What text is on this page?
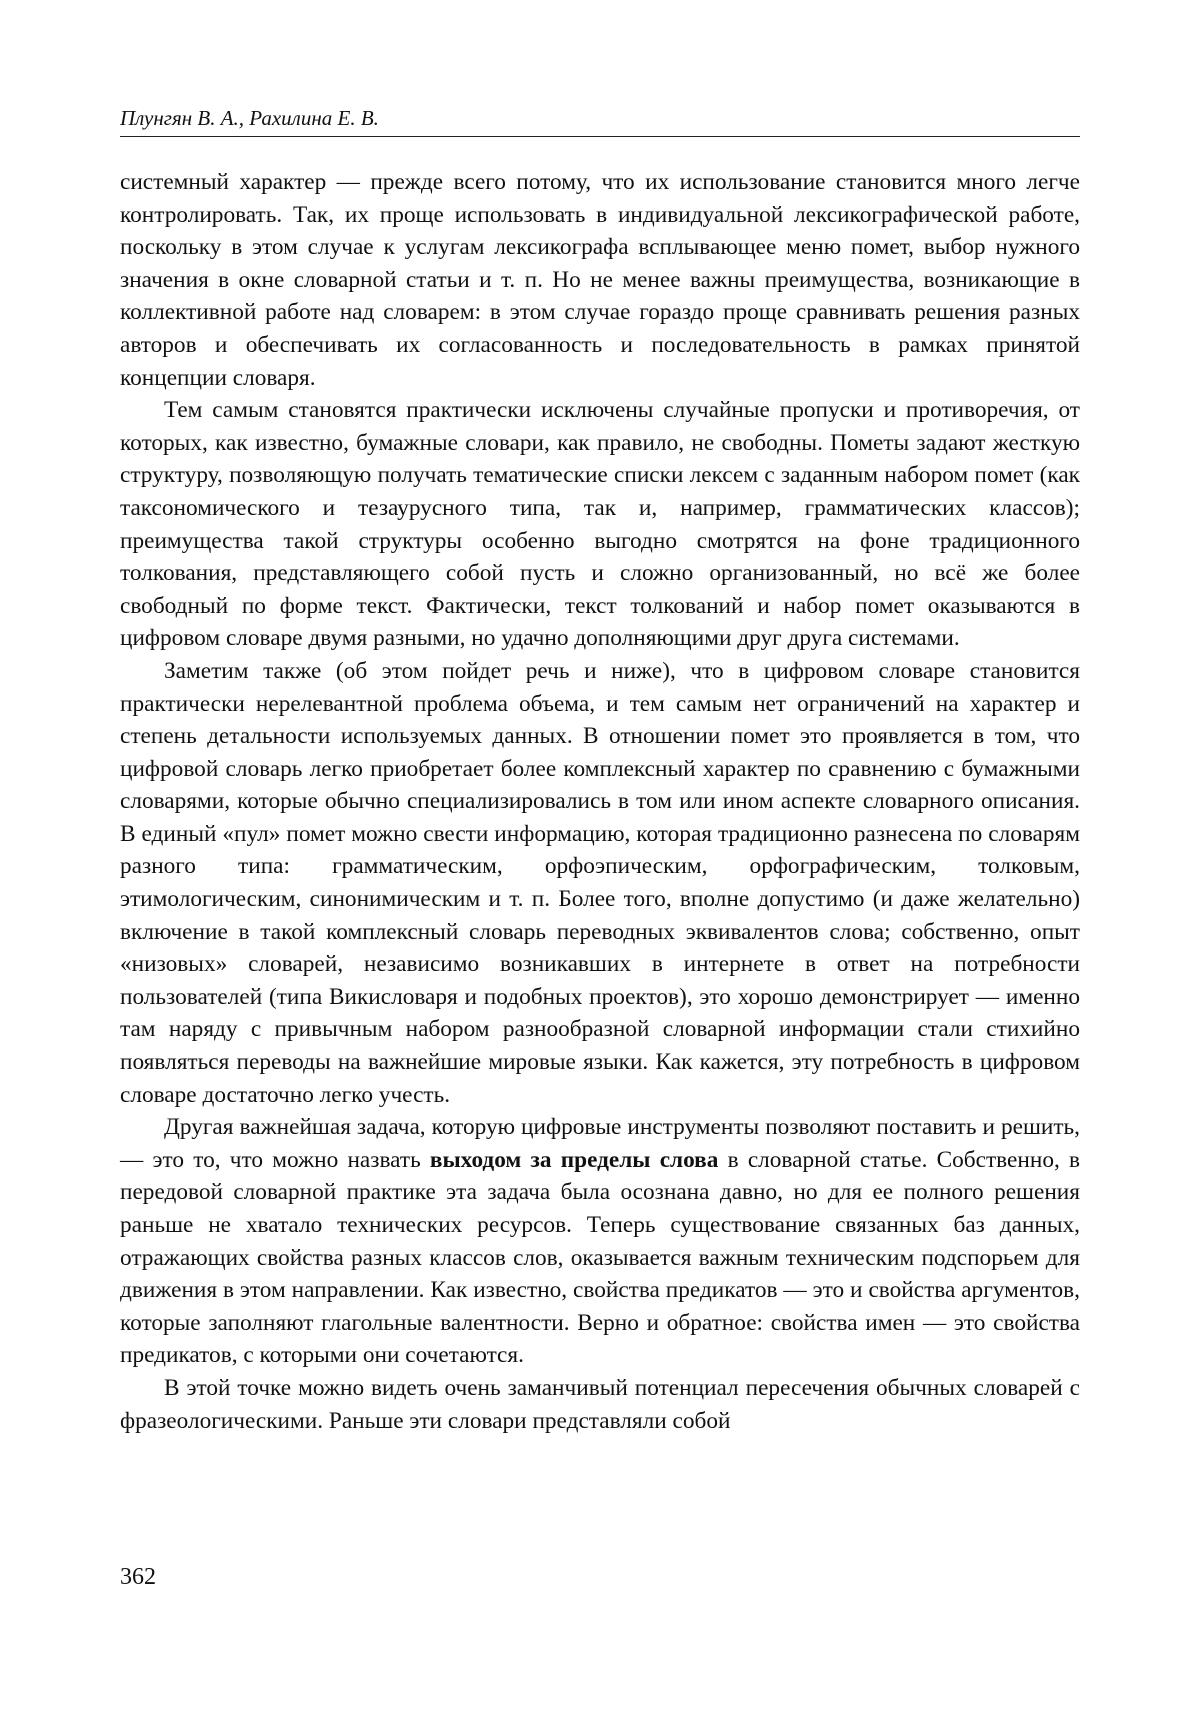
Плунгян В. А., Рахилина Е. В.

системный характер — прежде всего потому, что их использование становится много легче контролировать. Так, их проще использовать в индивидуальной лексикографической работе, поскольку в этом случае к услугам лексикографа всплывающее меню помет, выбор нужного значения в окне словарной статьи и т. п. Но не менее важны преимущества, возникающие в коллективной работе над словарем: в этом случае гораздо проще сравнивать решения разных авторов и обеспечивать их согласованность и последовательность в рамках принятой концепции словаря.

Тем самым становятся практически исключены случайные пропуски и противоречия, от которых, как известно, бумажные словари, как правило, не свободны. Пометы задают жесткую структуру, позволяющую получать тематические списки лексем с заданным набором помет (как таксономического и тезаурусного типа, так и, например, грамматических классов); преимущества такой структуры особенно выгодно смотрятся на фоне традиционного толкования, представляющего собой пусть и сложно организованный, но всё же более свободный по форме текст. Фактически, текст толкований и набор помет оказываются в цифровом словаре двумя разными, но удачно дополняющими друг друга системами.

Заметим также (об этом пойдет речь и ниже), что в цифровом словаре становится практически нерелевантной проблема объема, и тем самым нет ограничений на характер и степень детальности используемых данных. В отношении помет это проявляется в том, что цифровой словарь легко приобретает более комплексный характер по сравнению с бумажными словарями, которые обычно специализировались в том или ином аспекте словарного описания. В единый «пул» помет можно свести информацию, которая традиционно разнесена по словарям разного типа: грамматическим, орфоэпическим, орфографическим, толковым, этимологическим, синонимическим и т. п. Более того, вполне допустимо (и даже желательно) включение в такой комплексный словарь переводных эквивалентов слова; собственно, опыт «низовых» словарей, независимо возникавших в интернете в ответ на потребности пользователей (типа Викисловаря и подобных проектов), это хорошо демонстрирует — именно там наряду с привычным набором разнообразной словарной информации стали стихийно появляться переводы на важнейшие мировые языки. Как кажется, эту потребность в цифровом словаре достаточно легко учесть.

Другая важнейшая задача, которую цифровые инструменты позволяют поставить и решить, — это то, что можно назвать выходом за пределы слова в словарной статье. Собственно, в передовой словарной практике эта задача была осознана давно, но для ее полного решения раньше не хватало технических ресурсов. Теперь существование связанных баз данных, отражающих свойства разных классов слов, оказывается важным техническим подспорьем для движения в этом направлении. Как известно, свойства предикатов — это и свойства аргументов, которые заполняют глагольные валентности. Верно и обратное: свойства имен — это свойства предикатов, с которыми они сочетаются.

В этой точке можно видеть очень заманчивый потенциал пересечения обычных словарей с фразеологическими. Раньше эти словари представляли собой

362
